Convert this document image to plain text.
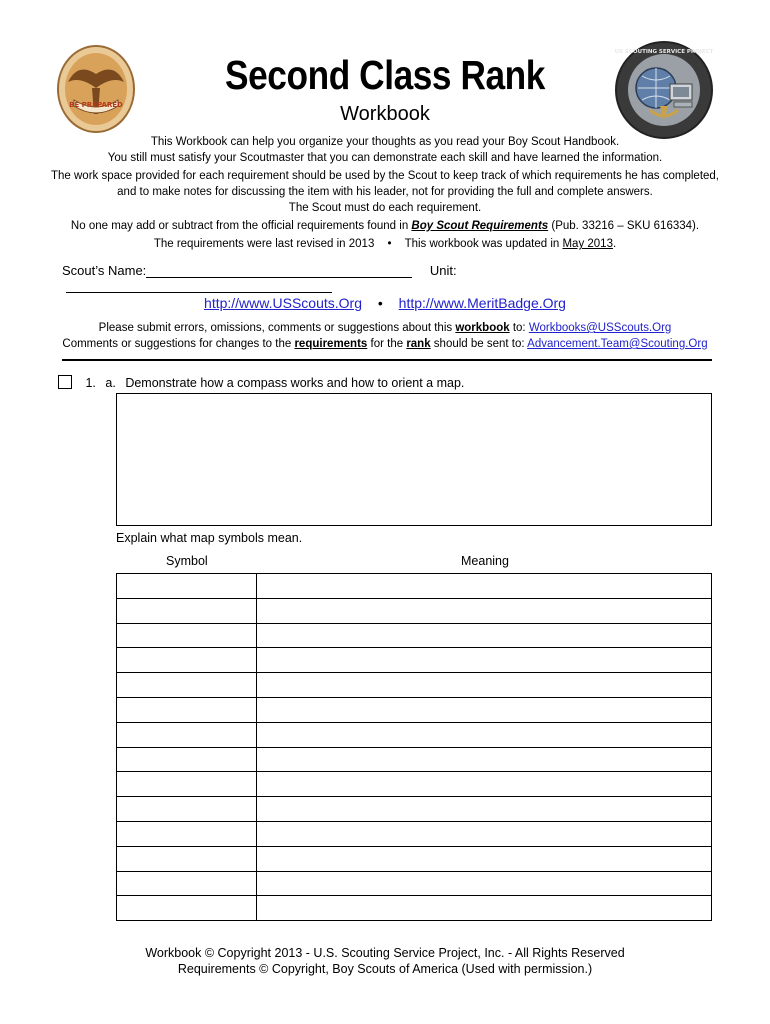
BE PREPARED
US SCOUTING SERVICE PROJECT
Second Class Rank
Workbook
This Workbook can help you organize your thoughts as you read your Boy Scout Handbook.
You still must satisfy your Scoutmaster that you can demonstrate each skill and have learned the information.
The work space provided for each requirement should be used by the Scout to keep track of which requirements he has completed,
and to make notes for discussing the item with his leader, not for providing the full and complete answers.
The Scout must do each requirement.
No one may add or subtract from the official requirements found in Boy Scout Requirements (Pub. 33216 – SKU 616334).
The requirements were last revised in 2013 • This workbook was updated in May 2013.
Scout’s Name:	Unit:
http://www.USScouts.Org • http://www.MeritBadge.Org
Please submit errors, omissions, comments or suggestions about this workbook to: Workbooks@USScouts.Org
Comments or suggestions for changes to the requirements for the rank should be sent to: Advancement.Team@Scouting.Org
1. a. Demonstrate how a compass works and how to orient a map.
Explain what map symbols mean.
Symbol	Meaning

Workbook © Copyright 2013 - U.S. Scouting Service Project, Inc. - All Rights Reserved
Requirements © Copyright, Boy Scouts of America (Used with permission.)
